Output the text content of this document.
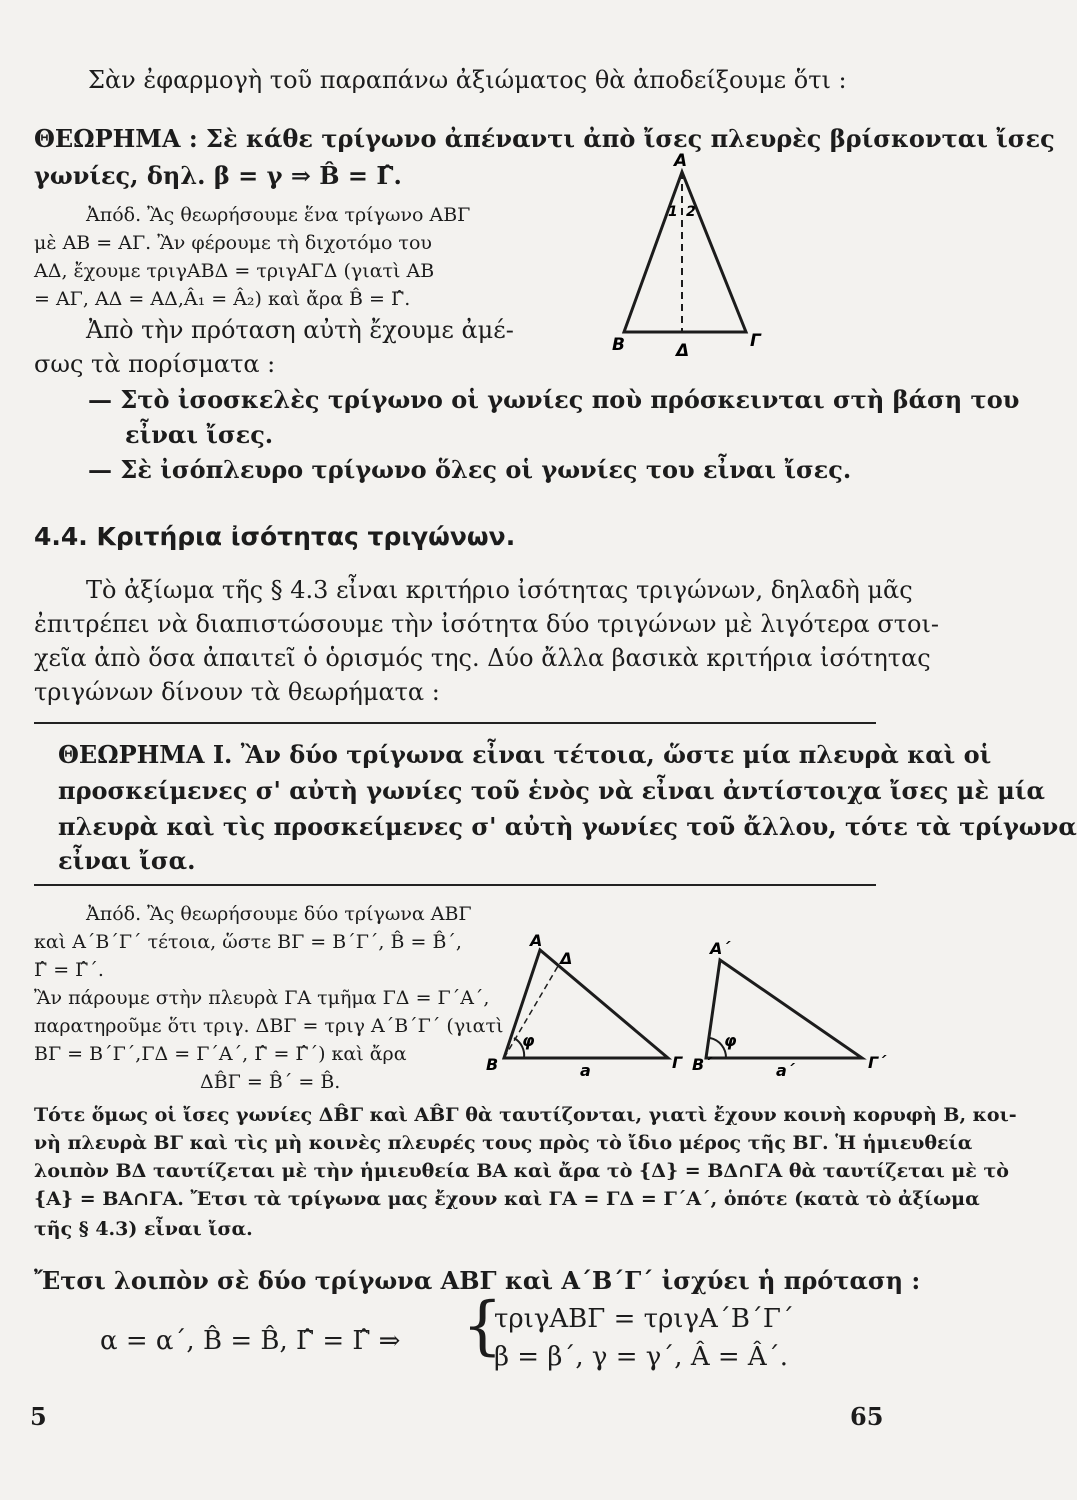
Σὰν ἐφαρμογὴ τοῦ παραπάνω ἀξιώματος θὰ ἀποδείξουμε ὅτι :

ΘΕΩΡΗΜΑ : Σὲ κάθε τρίγωνο ἀπέναντι ἀπὸ ἴσες πλευρὲς βρίσκονται ἴσες

γωνίες, δηλ. β = γ ⇒ B̂ = Γ̂.

Ἀπόδ. Ἂς θεωρήσουμε ἕνα τρίγωνο ΑΒΓ

μὲ ΑΒ = ΑΓ. Ἂν φέρουμε τὴ διχοτόμο του

ΑΔ, ἔχουμε τριγΑΒΔ = τριγΑΓΔ (γιατὶ ΑΒ

= ΑΓ, ΑΔ = ΑΔ,Â₁ = Â₂) καὶ ἄρα B̂ = Γ̂.

Ἀπὸ τὴν πρόταση αὐτὴ ἔχουμε ἀμέ-

σως τὰ πορίσματα :

A
1 2
B	Δ	Γ

— Στὸ ἰσοσκελὲς τρίγωνο οἱ γωνίες ποὺ πρόσκεινται στὴ βάση του

εἶναι ἴσες.

— Σὲ ἰσόπλευρο τρίγωνο ὅλες οἱ γωνίες του εἶναι ἴσες.

4.4. Κριτήρια ἰσότητας τριγώνων.

Τὸ ἀξίωμα τῆς § 4.3 εἶναι κριτήριο ἰσότητας τριγώνων, δηλαδὴ μᾶς

ἐπιτρέπει νὰ διαπιστώσουμε τὴν ἰσότητα δύο τριγώνων μὲ λιγότερα στοι-

χεῖα ἀπὸ ὅσα ἀπαιτεῖ ὁ ὁρισμός της. Δύο ἄλλα βασικὰ κριτήρια ἰσότητας

τριγώνων δίνουν τὰ θεωρήματα :

ΘΕΩΡΗΜΑ Ι. Ἂν δύο τρίγωνα εἶναι τέτοια, ὥστε μία πλευρὰ καὶ οἱ

προσκείμενες σ' αὐτὴ γωνίες τοῦ ἑνὸς νὰ εἶναι ἀντίστοιχα ἴσες μὲ μία

πλευρὰ καὶ τὶς προσκείμενες σ' αὐτὴ γωνίες τοῦ ἄλλου, τότε τὰ τρίγωνα

εἶναι ἴσα.

Ἀπόδ. Ἂς θεωρήσουμε δύο τρίγωνα ΑΒΓ

καὶ Α΄Β΄Γ΄ τέτοια, ὥστε ΒΓ = Β΄Γ΄, B̂ = B̂΄,

Γ̂ = Γ̂΄.

Ἂν πάρουμε στὴν πλευρὰ ΓΑ τμῆμα ΓΔ = Γ΄Α΄,

παρατηροῦμε ὅτι τριγ. ΔΒΓ = τριγ Α΄Β΄Γ΄ (γιατὶ

ΒΓ = Β΄Γ΄,ΓΔ = Γ΄Α΄, Γ̂ = Γ̂΄) καὶ ἄρα

ΔB̂Γ = B̂΄ = B̂.

A
Δ
φ
B	a	Γ
A΄
φ
B΄	a΄	Γ΄

Τότε ὅμως οἱ ἴσες γωνίες ΔB̂Γ καὶ ΑB̂Γ θὰ ταυτίζονται, γιατὶ ἔχουν κοινὴ κορυφὴ Β, κοι-

νὴ πλευρὰ ΒΓ καὶ τὶς μὴ κοινὲς πλευρές τους πρὸς τὸ ἴδιο μέρος τῆς ΒΓ. Ἡ ἡμιευθεία

λοιπὸν ΒΔ ταυτίζεται μὲ τὴν ἡμιευθεία ΒΑ καὶ ἄρα τὸ {Δ} = ΒΔ∩ΓΑ θὰ ταυτίζεται μὲ τὸ

{Α} = ΒΑ∩ΓΑ. Ἔτσι τὰ τρίγωνα μας ἔχουν καὶ ΓΑ = ΓΔ = Γ΄Α΄, ὁπότε (κατὰ τὸ ἀξίωμα

τῆς § 4.3) εἶναι ἴσα.

Ἔτσι λοιπὸν σὲ δύο τρίγωνα ΑΒΓ καὶ Α΄Β΄Γ΄ ἰσχύει ἡ πρόταση :

α = α΄, B̂ = B̂, Γ̂ = Γ̂ ⇒ {

τριγΑΒΓ = τριγΑ΄Β΄Γ΄

β = β΄, γ = γ΄, Â = Â΄.

5	65
